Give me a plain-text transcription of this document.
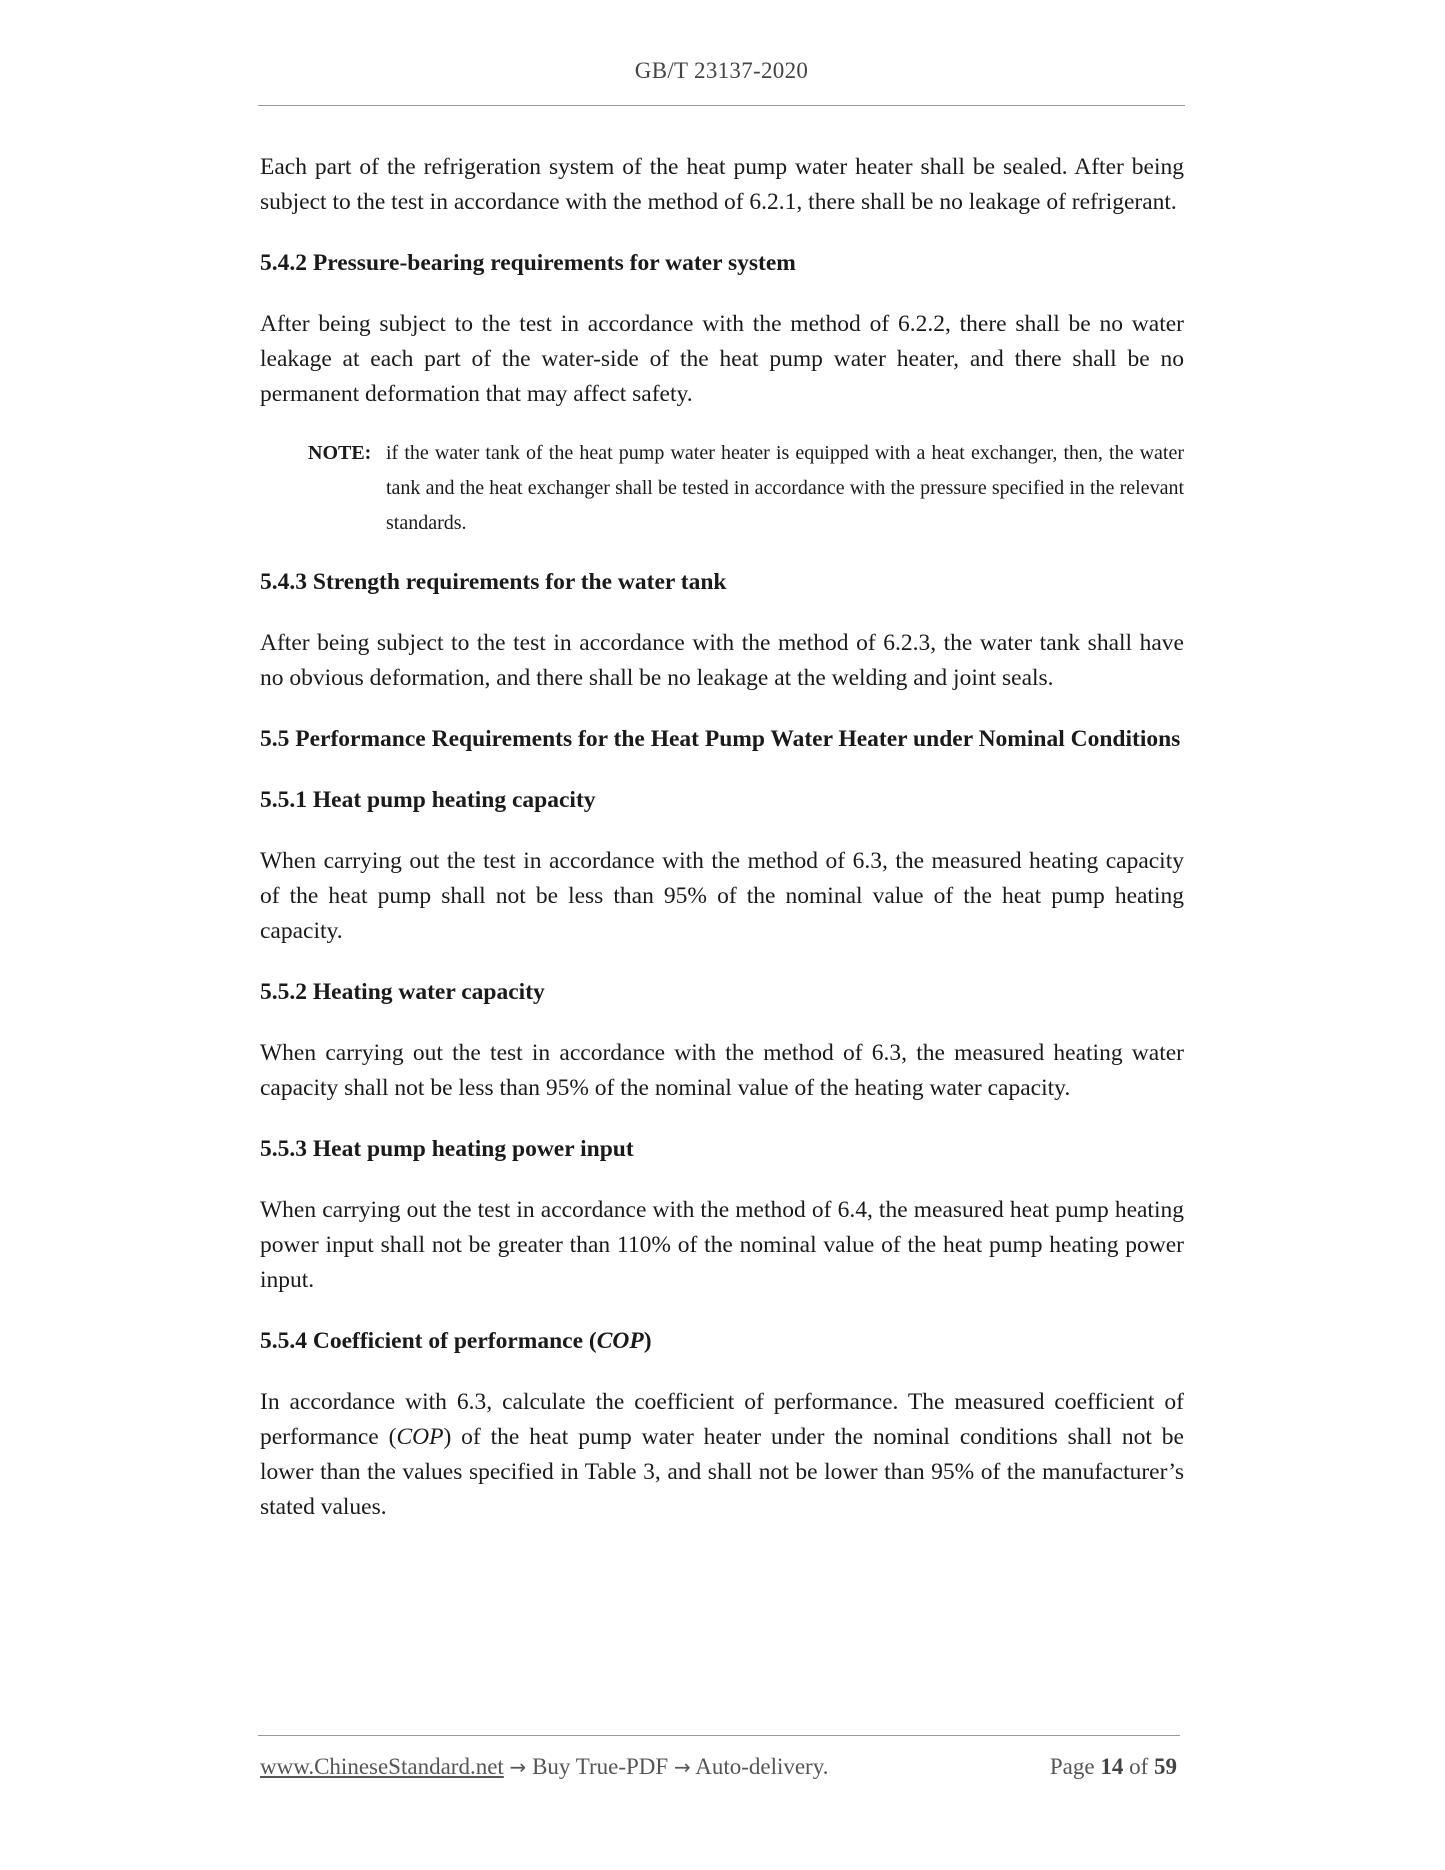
GB/T 23137-2020

Each part of the refrigeration system of the heat pump water heater shall be sealed. After being subject to the test in accordance with the method of 6.2.1, there shall be no leakage of refrigerant.

5.4.2 Pressure-bearing requirements for water system

After being subject to the test in accordance with the method of 6.2.2, there shall be no water leakage at each part of the water-side of the heat pump water heater, and there shall be no permanent deformation that may affect safety.

NOTE: if the water tank of the heat pump water heater is equipped with a heat exchanger, then, the water tank and the heat exchanger shall be tested in accordance with the pressure specified in the relevant standards.

5.4.3 Strength requirements for the water tank

After being subject to the test in accordance with the method of 6.2.3, the water tank shall have no obvious deformation, and there shall be no leakage at the welding and joint seals.

5.5 Performance Requirements for the Heat Pump Water Heater under Nominal Conditions

5.5.1 Heat pump heating capacity

When carrying out the test in accordance with the method of 6.3, the measured heating capacity of the heat pump shall not be less than 95% of the nominal value of the heat pump heating capacity.

5.5.2 Heating water capacity

When carrying out the test in accordance with the method of 6.3, the measured heating water capacity shall not be less than 95% of the nominal value of the heating water capacity.

5.5.3 Heat pump heating power input

When carrying out the test in accordance with the method of 6.4, the measured heat pump heating power input shall not be greater than 110% of the nominal value of the heat pump heating power input.

5.5.4 Coefficient of performance (COP)

In accordance with 6.3, calculate the coefficient of performance. The measured coefficient of performance (COP) of the heat pump water heater under the nominal conditions shall not be lower than the values specified in Table 3, and shall not be lower than 95% of the manufacturer’s stated values.

www.ChineseStandard.net → Buy True-PDF → Auto-delivery.	Page 14 of 59
